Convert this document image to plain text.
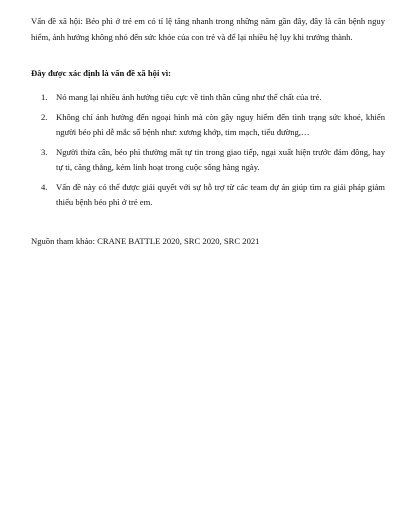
Vấn đề xã hội: Béo phì ở trẻ em có tỉ lệ tăng nhanh trong những năm gần đây, đây là căn bệnh nguy hiểm, ảnh hưởng không nhỏ đến sức khỏe của con trẻ và để lại nhiều hệ lụy khi trưởng thành.

Đây được xác định là vấn đề xã hội vì:

1. Nó mang lại nhiều ảnh hưởng tiêu cực về tinh thần cũng như thể chất của trẻ.
2. Không chỉ ảnh hưởng đến ngoại hình mà còn gây nguy hiểm đến tình trạng sức khoẻ, khiến người béo phì dễ mắc số bệnh như: xương khớp, tim mạch, tiểu đường,…
3. Người thừa cân, béo phì thường mất tự tin trong giao tiếp, ngại xuất hiện trước đám đông, hay tự ti, căng thẳng, kém linh hoạt trong cuộc sống hàng ngày.
4. Vấn đề này có thể được giải quyết với sự hỗ trợ từ các team dự án giúp tìm ra giải pháp giảm thiểu bệnh béo phì ở trẻ em.

Nguồn tham khảo: CRANE BATTLE 2020, SRC 2020, SRC 2021
